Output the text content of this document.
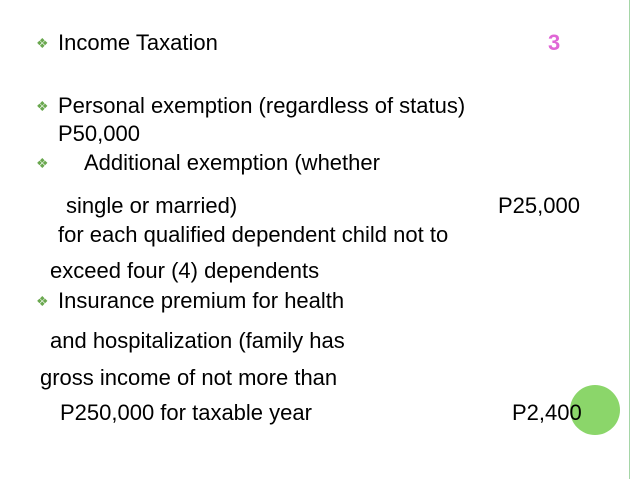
❖ Income Taxation	3
❖ Personal exemption (regardless of status)
P50,000
❖ Additional exemption (whether
single or married)	P25,000
for each qualified dependent child not to
exceed four (4) dependents
❖ Insurance premium for health
and hospitalization (family has
gross income of not more than
P250,000 for taxable year	P2,400
